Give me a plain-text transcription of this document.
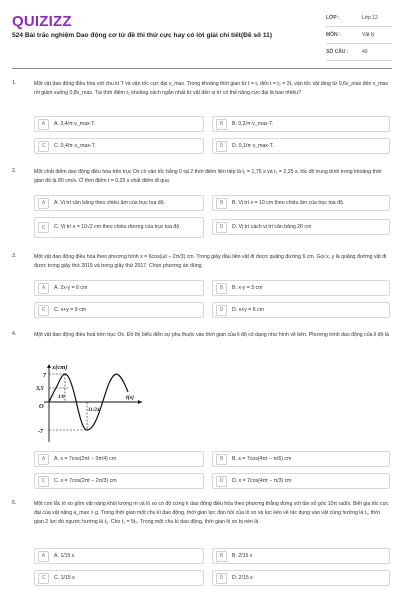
QUIZIZZ
524 Bài trắc nghiệm Dao động cơ từ đề thi thử cực hay có lời giải chi tiết(Đề số 11)
LỚP :	Lớp 12
MÔN :	Vật lý
SỐ CÂU :	40
1.	Một vật dao động điều hòa với chu kì T và vận tốc cực đại v_max. Trong khoảng thời gian từ t = t₁ đến t = t₂ = 2t₁ vận tốc vật tăng từ 0,6v_max đến v_max rồi giảm xuống 0,8v_max. Tại thời điểm t₂ khoảng cách ngắn nhất từ vật đến vị trí có thế năng cực đại là bao nhiêu?
A	A. 3,4/π·v_max·T.	B	B. 0,2/π·v_max·T.
C	C. 0,4/π·v_max·T.	D	D. 0,1/π·v_max·T.
2.	Một chất điểm dao động điều hòa trên trục Ox có vận tốc bằng 0 tại 2 thời điểm liên tiếp là t₁ = 1,75 s và t₂ = 2,25 s, tốc độ trung bình trong khoảng thời gian đó là 80 cm/s. Ở thời điểm t = 0,25 s chất điểm đi qua
A	A. Vị trí cân bằng theo chiều âm của trục tọa độ.	B	B. Vị trí x = 10 cm theo chiều âm của trục tọa độ.
C	C. Vị trí x = 10√2 cm theo chiều dương của trục tọa độ.	D	D. Vị trí cách vị trí cân bằng 20 cm
3.	Một vật dao động điều hòa theo phương trình x = 6cos(ωt − 2π/3) cm. Trong giây đầu tiên vật đi được quãng đường 6 cm. Gọi x, y là quãng đường vật đi được trong giây thứ 2015 và trong giây thứ 2017. Chọn phương án đúng.
A	A. 2x-y = 6 cm	B	B. x-y = 3 cm
C	C. x+y = 9 cm	D	D. x+y = 6 cm
4.	Một vật dao động điều hoà trên trục Ox. Đồ thị biểu diễn sự phụ thuộc vào thời gian của li độ có dạng như hình vẽ bên. Phương trình dao động của li độ là
x(cm)
t(s)
O
7
3,5
-7
1/6
11/24
A	A. x = 7cos(2πt − 3π/4) cm	B	B. x = 7cos(4πt − π/6) cm
C	C. x = 7cos(2πt − 2π/3) cm	D	D. x = 7cos(4πt − π/3) cm
5.	Một con lắc lò xo gồm vật nặng khối lượng m và lò xo có độ cứng k dao động điều hòa theo phương thẳng đứng với tần số góc 10π rad/s. Biết gia tốc cực đại của vật nặng a_max > g. Trong thời gian một chu kì dao động, thời gian lực đàn hồi của lò xo và lực kéo về tác dụng vào vật cùng hướng là t₁, thời gian 2 lực đó ngược hướng là t₂. Cho t₁ = 5t₂. Trong một chu kì dao động, thời gian lò xo bị nén là
A	A. 1/15 s	B	B. 2/15 s
C	C. 1/15 s	D	D. 2/15 s
